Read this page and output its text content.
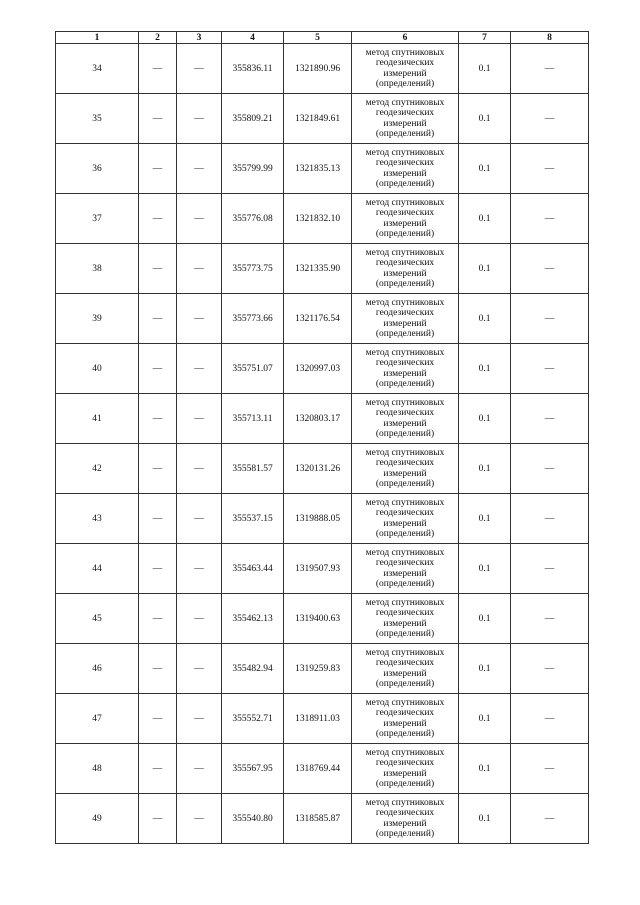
1	2	3	4	5	6	7	8
34	—	—	355836.11	1321890.96	метод спутниковых геодезических измерений (определений)	0.1	—
35	—	—	355809.21	1321849.61	метод спутниковых геодезических измерений (определений)	0.1	—
36	—	—	355799.99	1321835.13	метод спутниковых геодезических измерений (определений)	0.1	—
37	—	—	355776.08	1321832.10	метод спутниковых геодезических измерений (определений)	0.1	—
38	—	—	355773.75	1321335.90	метод спутниковых геодезических измерений (определений)	0.1	—
39	—	—	355773.66	1321176.54	метод спутниковых геодезических измерений (определений)	0.1	—
40	—	—	355751.07	1320997.03	метод спутниковых геодезических измерений (определений)	0.1	—
41	—	—	355713.11	1320803.17	метод спутниковых геодезических измерений (определений)	0.1	—
42	—	—	355581.57	1320131.26	метод спутниковых геодезических измерений (определений)	0.1	—
43	—	—	355537.15	1319888.05	метод спутниковых геодезических измерений (определений)	0.1	—
44	—	—	355463.44	1319507.93	метод спутниковых геодезических измерений (определений)	0.1	—
45	—	—	355462.13	1319400.63	метод спутниковых геодезических измерений (определений)	0.1	—
46	—	—	355482.94	1319259.83	метод спутниковых геодезических измерений (определений)	0.1	—
47	—	—	355552.71	1318911.03	метод спутниковых геодезических измерений (определений)	0.1	—
48	—	—	355567.95	1318769.44	метод спутниковых геодезических измерений (определений)	0.1	—
49	—	—	355540.80	1318585.87	метод спутниковых геодезических измерений (определений)	0.1	—
